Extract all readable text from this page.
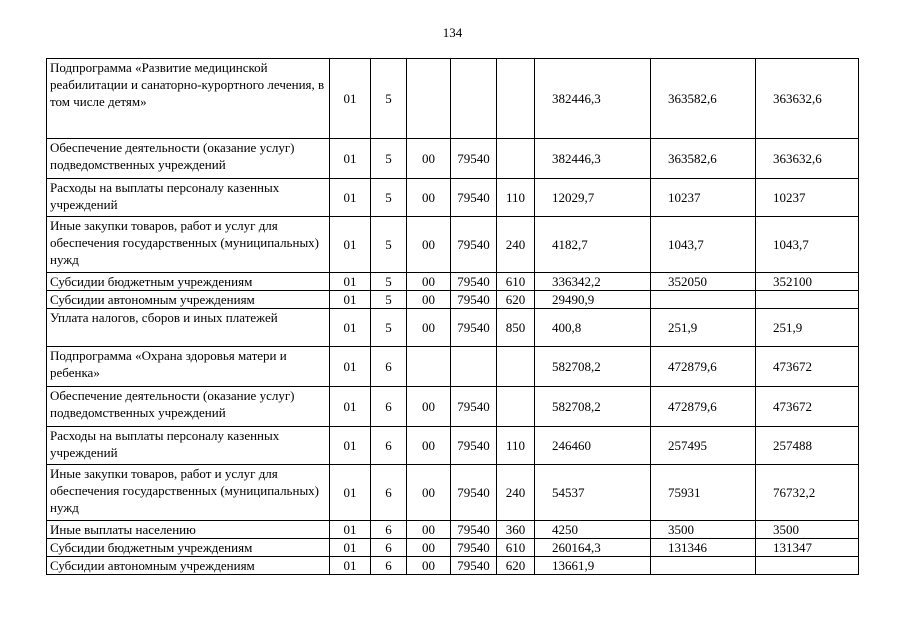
134
Подпрограмма «Развитие медицинской реабилитации и санаторно-курортного лечения, в том числе детям»	01	5				382446,3	363582,6	363632,6
Обеспечение деятельности (оказание услуг) подведомственных учреждений	01	5	00	79540		382446,3	363582,6	363632,6
Расходы на выплаты персоналу казенных учреждений	01	5	00	79540	110	12029,7	10237	10237
Иные закупки товаров, работ и услуг для обеспечения государственных (муниципальных) нужд	01	5	00	79540	240	4182,7	1043,7	1043,7
Субсидии бюджетным учреждениям	01	5	00	79540	610	336342,2	352050	352100
Субсидии автономным учреждениям	01	5	00	79540	620	29490,9		
Уплата налогов, сборов и иных платежей	01	5	00	79540	850	400,8	251,9	251,9
Подпрограмма «Охрана здоровья матери и ребенка»	01	6				582708,2	472879,6	473672
Обеспечение деятельности (оказание услуг) подведомственных учреждений	01	6	00	79540		582708,2	472879,6	473672
Расходы на выплаты персоналу казенных учреждений	01	6	00	79540	110	246460	257495	257488
Иные закупки товаров, работ и услуг для обеспечения государственных (муниципальных) нужд	01	6	00	79540	240	54537	75931	76732,2
Иные выплаты населению	01	6	00	79540	360	4250	3500	3500
Субсидии бюджетным учреждениям	01	6	00	79540	610	260164,3	131346	131347
Субсидии автономным учреждениям	01	6	00	79540	620	13661,9		
